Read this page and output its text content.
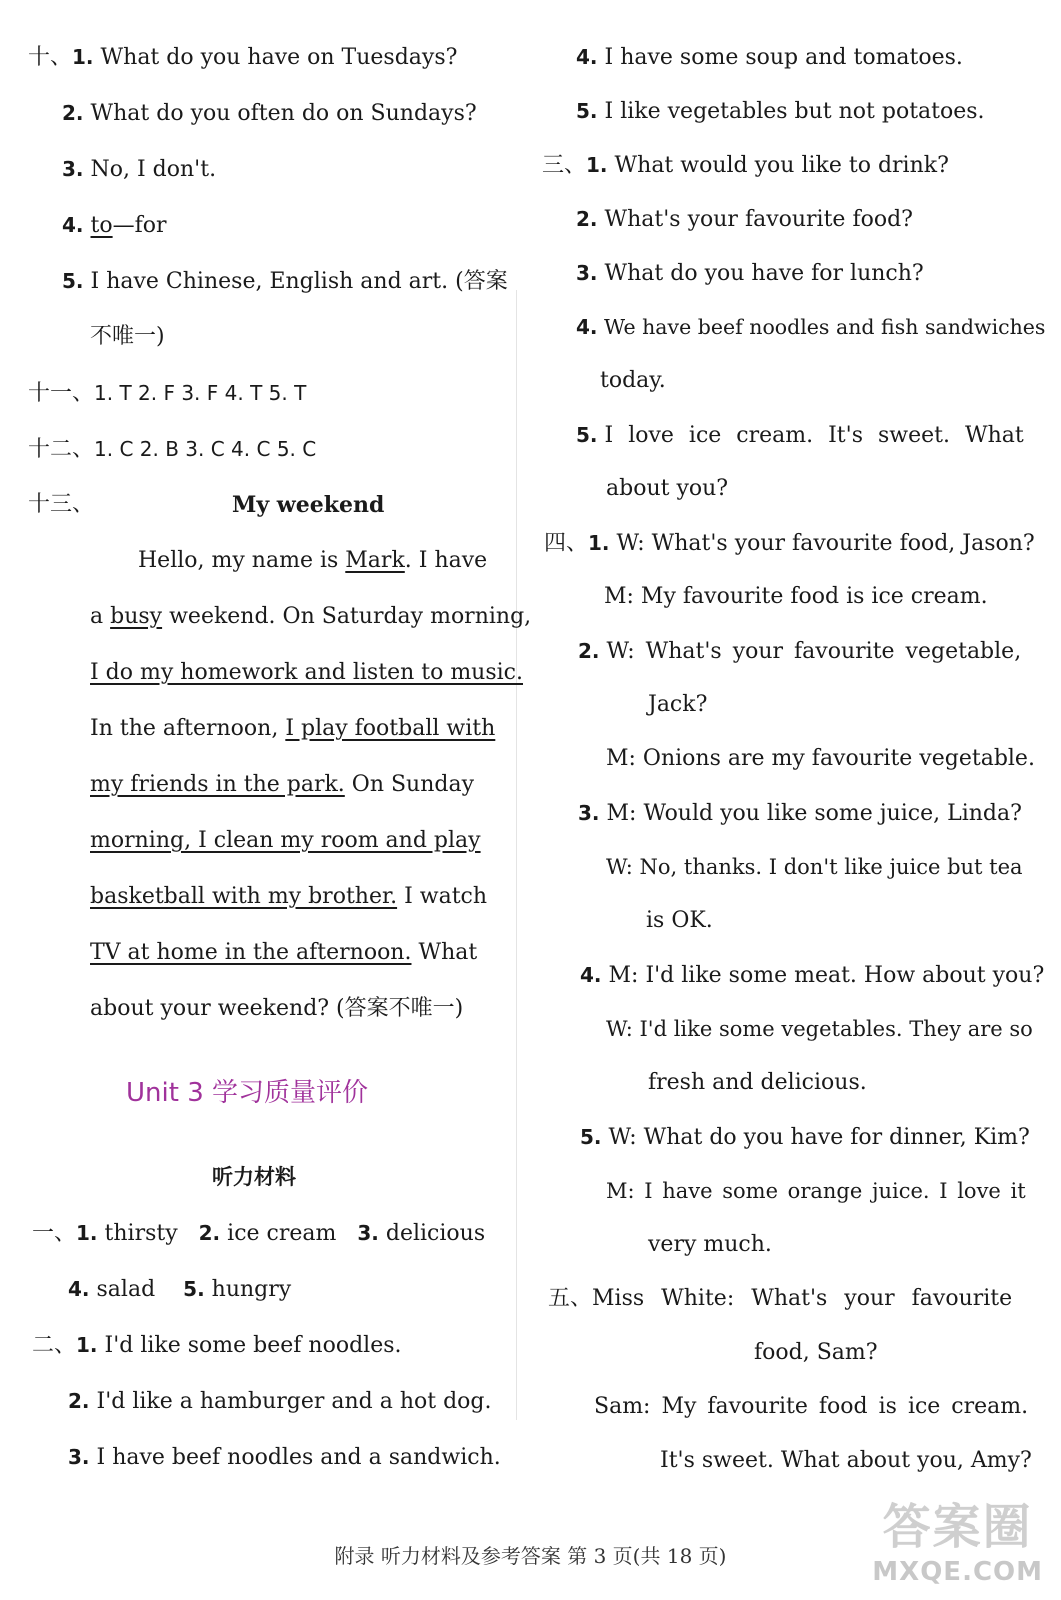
十、1. What do you have on Tuesdays?
2. What do you often do on Sundays?
3. No, I don't.
4. to—for
5. I have Chinese, English and art. (答案
不唯一)
十一、1. T 2. F 3. F 4. T 5. T
十二、1. C 2. B 3. C 4. C 5. C
十三、	My weekend
Hello, my name is Mark. I have
a busy weekend. On Saturday morning,
I do my homework and listen to music.
In the afternoon, I play football with
my friends in the park. On Sunday
morning, I clean my room and play
basketball with my brother. I watch
TV at home in the afternoon. What
about your weekend? (答案不唯一)
Unit 3 学习质量评价
听力材料
一、1. thirsty 2. ice cream 3. delicious
4. salad 5. hungry
二、1. I'd like some beef noodles.
2. I'd like a hamburger and a hot dog.
3. I have beef noodles and a sandwich.
4. I have some soup and tomatoes.
5. I like vegetables but not potatoes.
三、1. What would you like to drink?
2. What's your favourite food?
3. What do you have for lunch?
4. We have beef noodles and fish sandwiches
today.
5. I love ice cream. It's sweet. What
about you?
四、1. W: What's your favourite food, Jason?
M: My favourite food is ice cream.
2. W: What's your favourite vegetable,
Jack?
M: Onions are my favourite vegetable.
3. M: Would you like some juice, Linda?
W: No, thanks. I don't like juice but tea
is OK.
4. M: I'd like some meat. How about you?
W: I'd like some vegetables. They are so
fresh and delicious.
5. W: What do you have for dinner, Kim?
M: I have some orange juice. I love it
very much.
五、Miss White: What's your favourite
food, Sam?
Sam: My favourite food is ice cream.
It's sweet. What about you, Amy?
附录 听力材料及参考答案 第 3 页(共 18 页)
答案圈
MXQE.COM
